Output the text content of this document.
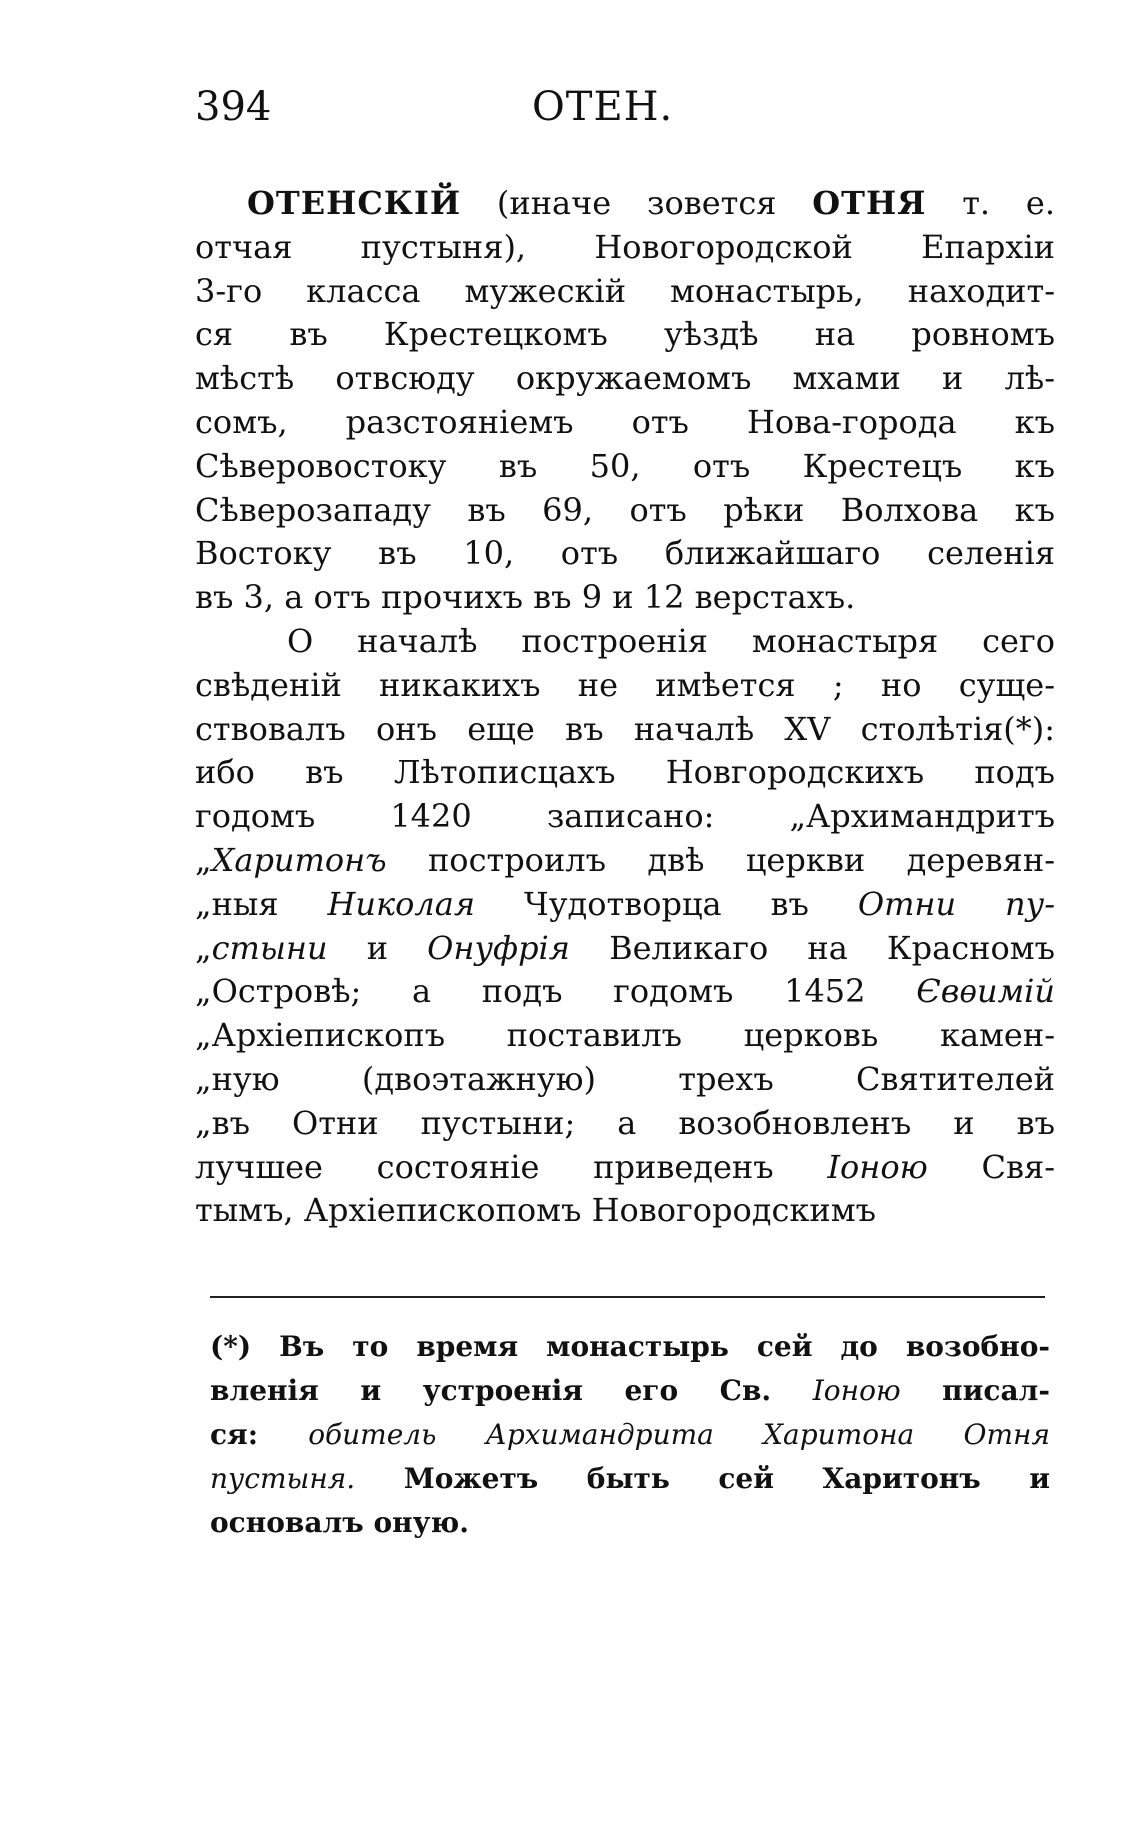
394	ОТЕН.
ОТЕНСКІЙ (иначе зовется ОТНЯ т. е.
отчая пустыня), Новогородской Епархіи
3-го класса мужескій монастырь, находит-
ся въ Крестецкомъ уѣздѣ на ровномъ
мѣстѣ отвсюду окружаемомъ мхами и лѣ-
сомъ, разстояніемъ отъ Нова-города къ
Сѣверовостоку въ 50, отъ Крестецъ къ
Сѣверозападу въ 69, отъ рѣки Волхова къ
Востоку въ 10, отъ ближайшаго селенія
въ 3, а отъ прочихъ въ 9 и 12 верстахъ.
О началѣ построенія монастыря сего
свѣденій никакихъ не имѣется ; но суще-
ствовалъ онъ еще въ началѣ XV столѣтія(*):
ибо въ Лѣтописцахъ Новгородскихъ подъ
годомъ 1420 записано: „Архимандритъ
„Харитонъ построилъ двѣ церкви деревян-
„ныя Николая Чудотворца въ Отни пу-
„стыни и Онуфрія Великаго на Красномъ
„Островѣ; а подъ годомъ 1452 Євѳимій
„Архіепископъ поставилъ церковь камен-
„ную (двоэтажную) трехъ Святителей
„въ Отни пустыни; а возобновленъ и въ
лучшее состояніе приведенъ Іоною Свя-
тымъ, Архіепископомъ Новогородскимъ
(*) Въ то время монастырь сей до возобно-
вленія и устроенія его Св. Іоною писал-
ся: обитель Архимандрита Харитона Отня
пустыня. Можетъ быть сей Харитонъ и
основалъ оную.
